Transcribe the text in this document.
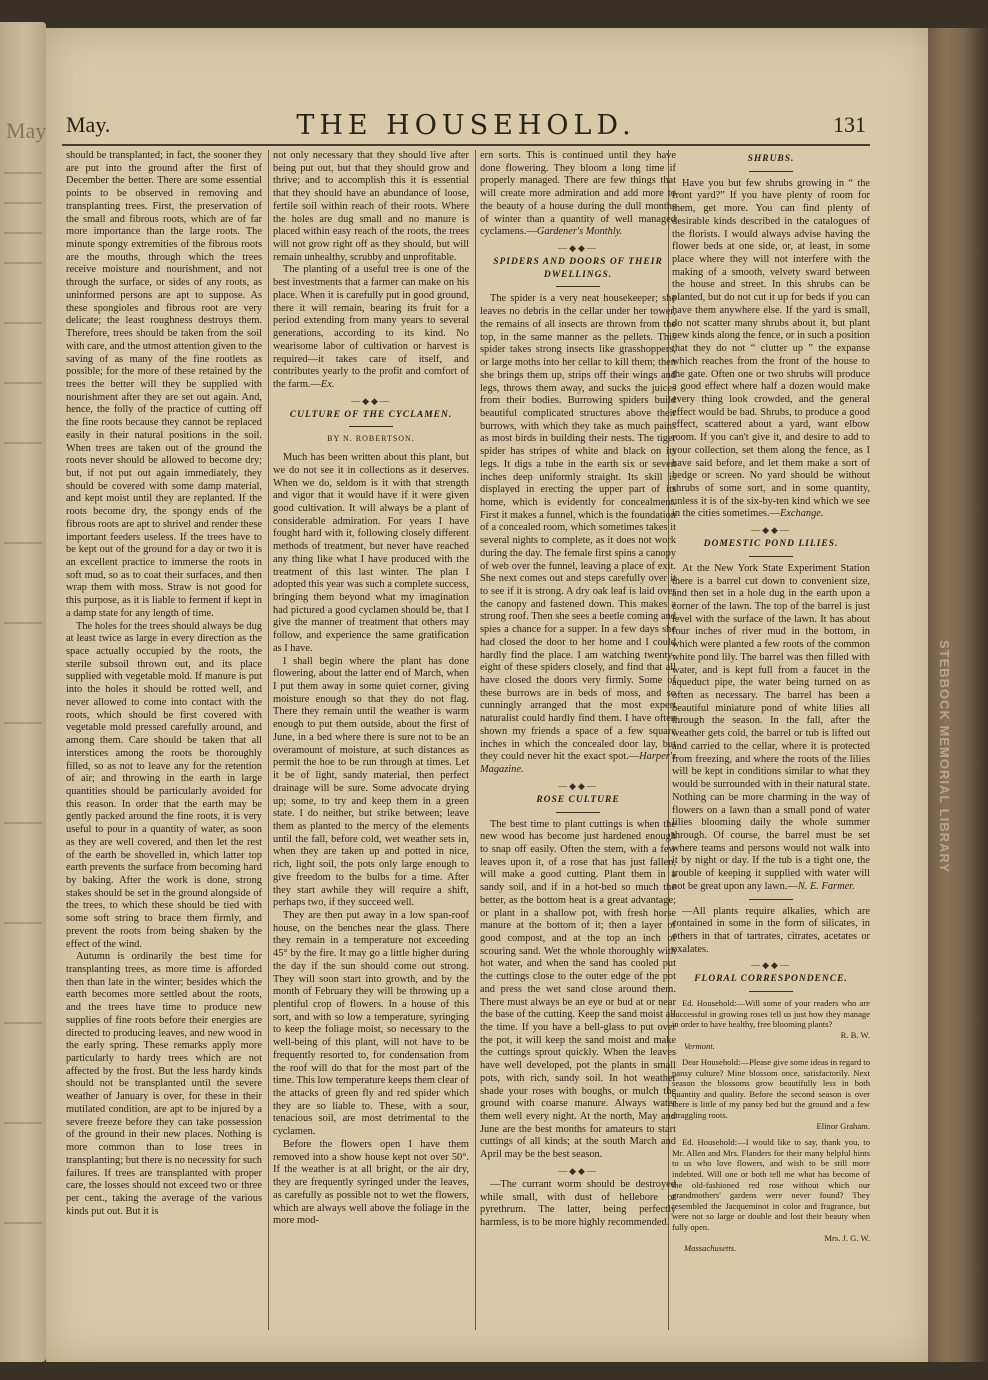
May
STEBBOCK MEMORIAL LIBRARY
May.	THE HOUSEHOLD.	131

should be transplanted; in fact, the sooner they are put into the ground after the first of December the better. There are some essential points to be observed in removing and transplanting trees. First, the preservation of the small and fibrous roots, which are of far more importance than the large roots. The minute spongy extremities of the fibrous roots are the mouths, through which the trees receive moisture and nourishment, and not through the surface, or sides of any roots, as uninformed persons are apt to suppose. As these spongioles and fibrous root are very delicate; the least roughness destroys them. Therefore, trees should be taken from the soil with care, and the utmost attention given to the saving of as many of the fine rootlets as possible; for the more of these retained by the trees the better will they be supplied with nourishment after they are set out again. And, hence, the folly of the practice of cutting off the fine roots because they cannot be replaced easily in their natural positions in the soil. When trees are taken out of the ground the roots never should be allowed to become dry; but, if not put out again immediately, they should be covered with some damp material, and kept moist until they are replanted. If the roots become dry, the spongy ends of the fibrous roots are apt to shrivel and render these important feeders useless. If the trees have to be kept out of the ground for a day or two it is an excellent practice to immerse the roots in soft mud, so as to coat their surfaces, and then wrap them with moss. Straw is not good for this purpose, as it is liable to ferment if kept in a damp state for any length of time.

The holes for the trees should always be dug at least twice as large in every direction as the space actually occupied by the roots, the sterile subsoil thrown out, and its place supplied with vegetable mold. If manure is put into the holes it should be rotted well, and never allowed to come into contact with the roots, which should be first covered with vegetable mold pressed carefully around, and among them. Care should be taken that all interstices among the roots be thoroughly filled, so as not to leave any for the retention of air; and throwing in the earth in large quantities should be particularly avoided for this reason. In order that the earth may be gently packed around the fine roots, it is very useful to pour in a quantity of water, as soon as they are well covered, and then let the rest of the earth be shovelled in, which latter top earth prevents the surface from becoming hard by baking. After the work is done, strong stakes should be set in the ground alongside of the trees, to which these should be tied with some soft string to brace them firmly, and prevent the roots from being shaken by the effect of the wind.

Autumn is ordinarily the best time for transplanting trees, as more time is afforded then than late in the winter; besides which the earth becomes more settled about the roots, and the trees have time to produce new supplies of fine roots before their energies are directed to producing leaves, and new wood in the early spring. These remarks apply more particularly to hardy trees which are not affected by the frost. But the less hardy kinds should not be transplanted until the severe weather of January is over, for these in their mutilated condition, are apt to be injured by a severe freeze before they can take possession of the ground in their new places. Nothing is more common than to lose trees in transplanting; but there is no necessity for such failures. If trees are transplanted with proper care, the losses should not exceed two or three per cent., taking the average of the various kinds put out. But it is

not only necessary that they should live after being put out, but that they should grow and thrive; and to accomplish this it is essential that they should have an abundance of loose, fertile soil within reach of their roots. Where the holes are dug small and no manure is placed within easy reach of the roots, the trees will not grow right off as they should, but will remain unhealthy, scrubby and unprofitable.

The planting of a useful tree is one of the best investments that a farmer can make on his place. When it is carefully put in good ground, there it will remain, bearing its fruit for a period extending from many years to several generations, according to its kind. No wearisome labor of cultivation or harvest is required—it takes care of itself, and contributes yearly to the profit and comfort of the farm.—Ex.

—◆◆—
CULTURE OF THE CYCLAMEN.
BY N. ROBERTSON.

Much has been written about this plant, but we do not see it in collections as it deserves. When we do, seldom is it with that strength and vigor that it would have if it were given good cultivation. It will always be a plant of considerable admiration. For years I have fought hard with it, following closely different methods of treatment, but never have reached any thing like what I have produced with the treatment of this last winter. The plan I adopted this year was such a complete success, bringing them beyond what my imagination had pictured a good cyclamen should be, that I give the manner of treatment that others may follow, and experience the same gratification as I have.

I shall begin where the plant has done flowering, about the latter end of March, when I put them away in some quiet corner, giving moisture enough so that they do not flag. There they remain until the weather is warm enough to put them outside, about the first of June, in a bed where there is sure not to be an overamount of moisture, at such distances as permit the hoe to be run through at times. Let it be of light, sandy material, then perfect drainage will be sure. Some advocate drying up; some, to try and keep them in a green state. I do neither, but strike between; leave them as planted to the mercy of the elements until the fall, before cold, wet weather sets in, when they are taken up and potted in nice, rich, light soil, the pots only large enough to give freedom to the bulbs for a time. After they start awhile they will require a shift, perhaps two, if they succeed well.

They are then put away in a low span-roof house, on the benches near the glass. There they remain in a temperature not exceeding 45° by the fire. It may go a little higher during the day if the sun should come out strong. They will soon start into growth, and by the month of February they will be throwing up a plentiful crop of flowers. In a house of this sort, and with so low a temperature, syringing to keep the foliage moist, so necessary to the well-being of this plant, will not have to be frequently resorted to, for condensation from the roof will do that for the most part of the time. This low temperature keeps them clear of the attacks of green fly and red spider which they are so liable to. These, with a sour, tenacious soil, are most detrimental to the cyclamen.

Before the flowers open I have them removed into a show house kept not over 50°. If the weather is at all bright, or the air dry, they are frequently syringed under the leaves, as carefully as possible not to wet the flowers, which are always well above the foliage in the more mod-

ern sorts. This is continued until they have done flowering. They bloom a long time if properly managed. There are few things that will create more admiration and add more to the beauty of a house during the dull months of winter than a quantity of well managed cyclamens.—Gardener's Monthly.

—◆◆—
SPIDERS AND DOORS OF THEIR DWELLINGS.

The spider is a very neat housekeeper; she leaves no debris in the cellar under her tower, the remains of all insects are thrown from the top, in the same manner as the pellets. This spider takes strong insects like grasshoppers, or large moths into her cellar to kill them; then she brings them up, strips off their wings and legs, throws them away, and sucks the juices from their bodies. Burrowing spiders build beautiful complicated structures above their burrows, with which they take as much pains as most birds in building their nests. The tiger spider has stripes of white and black on its legs. It digs a tube in the earth six or seven inches deep uniformly straight. Its skill is displayed in erecting the upper part of its home, which is evidently for concealment. First it makes a funnel, which is the foundation of a concealed room, which sometimes takes it several nights to complete, as it does not work during the day. The female first spins a canopy of web over the funnel, leaving a place of exit. She next comes out and steps carefully over it to see if it is strong. A dry oak leaf is laid over the canopy and fastened down. This makes a strong roof. Then she sees a beetle coming and spies a chance for a supper. In a few days she had closed the door to her home and I could hardly find the place. I am watching twenty-eight of these spiders closely, and find that all have closed the doors very firmly. Some of these burrows are in beds of moss, and so cunningly arranged that the most expert naturalist could hardly find them. I have often shown my friends a space of a few square inches in which the concealed door lay, but they could never hit the exact spot.—Harper's Magazine.

—◆◆—
ROSE CULTURE

The best time to plant cuttings is when the new wood has become just hardened enough to snap off easily. Often the stem, with a few leaves upon it, of a rose that has just fallen, will make a good cutting. Plant them in a sandy soil, and if in a hot-bed so much the better, as the bottom heat is a great advantage; or plant in a shallow pot, with fresh horse manure at the bottom of it; then a layer of good compost, and at the top an inch of scouring sand. Wet the whole thoroughly with hot water, and when the sand has cooled put the cuttings close to the outer edge of the pot and press the wet sand close around them. There must always be an eye or bud at or near the base of the cutting. Keep the sand moist all the time. If you have a bell-glass to put over the pot, it will keep the sand moist and make the cuttings sprout quickly. When the leaves have well developed, pot the plants in small pots, with rich, sandy soil. In hot weather shade your roses with boughs, or mulch the ground with coarse manure. Always water them well every night. At the north, May and June are the best months for amateurs to start cuttings of all kinds; at the south March and April may be the best season.

—◆◆—

—The currant worm should be destroyed while small, with dust of hellebore or pyrethrum. The latter, being perfectly harmless, is to be more highly recommended.

SHRUBS.

Have you but few shrubs growing in “ the front yard?” If you have plenty of room for them, get more. You can find plenty of desirable kinds described in the catalogues of the florists. I would always advise having the flower beds at one side, or, at least, in some place where they will not interfere with the making of a smooth, velvety sward between the house and street. In this shrubs can be planted, but do not cut it up for beds if you can have them anywhere else. If the yard is small, do not scatter many shrubs about it, but plant new kinds along the fence, or in such a position that they do not “ clutter up ” the expanse which reaches from the front of the house to the gate. Often one or two shrubs will produce a good effect where half a dozen would make every thing look crowded, and the general effect would be bad. Shrubs, to produce a good effect, scattered about a yard, want elbow room. If you can't give it, and desire to add to your collection, set them along the fence, as I have said before, and let them make a sort of hedge or screen. No yard should be without shrubs of some sort, and in some quantity, unless it is of the six-by-ten kind which we see in the cities sometimes.—Exchange.

—◆◆—
DOMESTIC POND LILIES.

At the New York State Experiment Station there is a barrel cut down to convenient size, and then set in a hole dug in the earth upon a corner of the lawn. The top of the barrel is just level with the surface of the lawn. It has about four inches of river mud in the bottom, in which were planted a few roots of the common white pond lily. The barrel was then filled with water, and is kept full from a faucet in the aqueduct pipe, the water being turned on as often as necessary. The barrel has been a beautiful miniature pond of white lilies all through the season. In the fall, after the weather gets cold, the barrel or tub is lifted out and carried to the cellar, where it is protected from freezing, and where the roots of the lilies will be kept in conditions similar to what they would be surrounded with in their natural state. Nothing can be more charming in the way of flowers on a lawn than a small pond of water lilies blooming daily the whole summer through. Of course, the barrel must be set where teams and persons would not walk into it by night or day. If the tub is a tight one, the trouble of keeping it supplied with water will not be great upon any lawn.—N. E. Farmer.

—All plants require alkalies, which are contained in some in the form of silicates, in others in that of tartrates, citrates, acetates or oxalates.

—◆◆—
FLORAL CORRESPONDENCE.

Ed. Household:—Will some of your readers who are successful in growing roses tell us just how they manage in order to have healthy, free blooming plants?

R. B. W.
Vermont.

Dear Household:—Please give some ideas in regard to pansy culture? Mine blossom once, satisfactorily. Next season the blossoms grow beautifully less in both quantity and quality. Before the second season is over there is little of my pansy bed but the ground and a few straggling roots.

Elinor Graham.

Ed. Household:—I would like to say, thank you, to Mr. Allen and Mrs. Flanders for their many helpful hints to us who love flowers, and wish to be still more indebted. Will one or both tell me what has become of the old-fashioned red rose without which our grandmothers' gardens were never found? They resembled the Jacqueminot in color and fragrance, but were not so large or double and lost their beauty when fully open.

Mrs. J. G. W.
Massachusetts.
